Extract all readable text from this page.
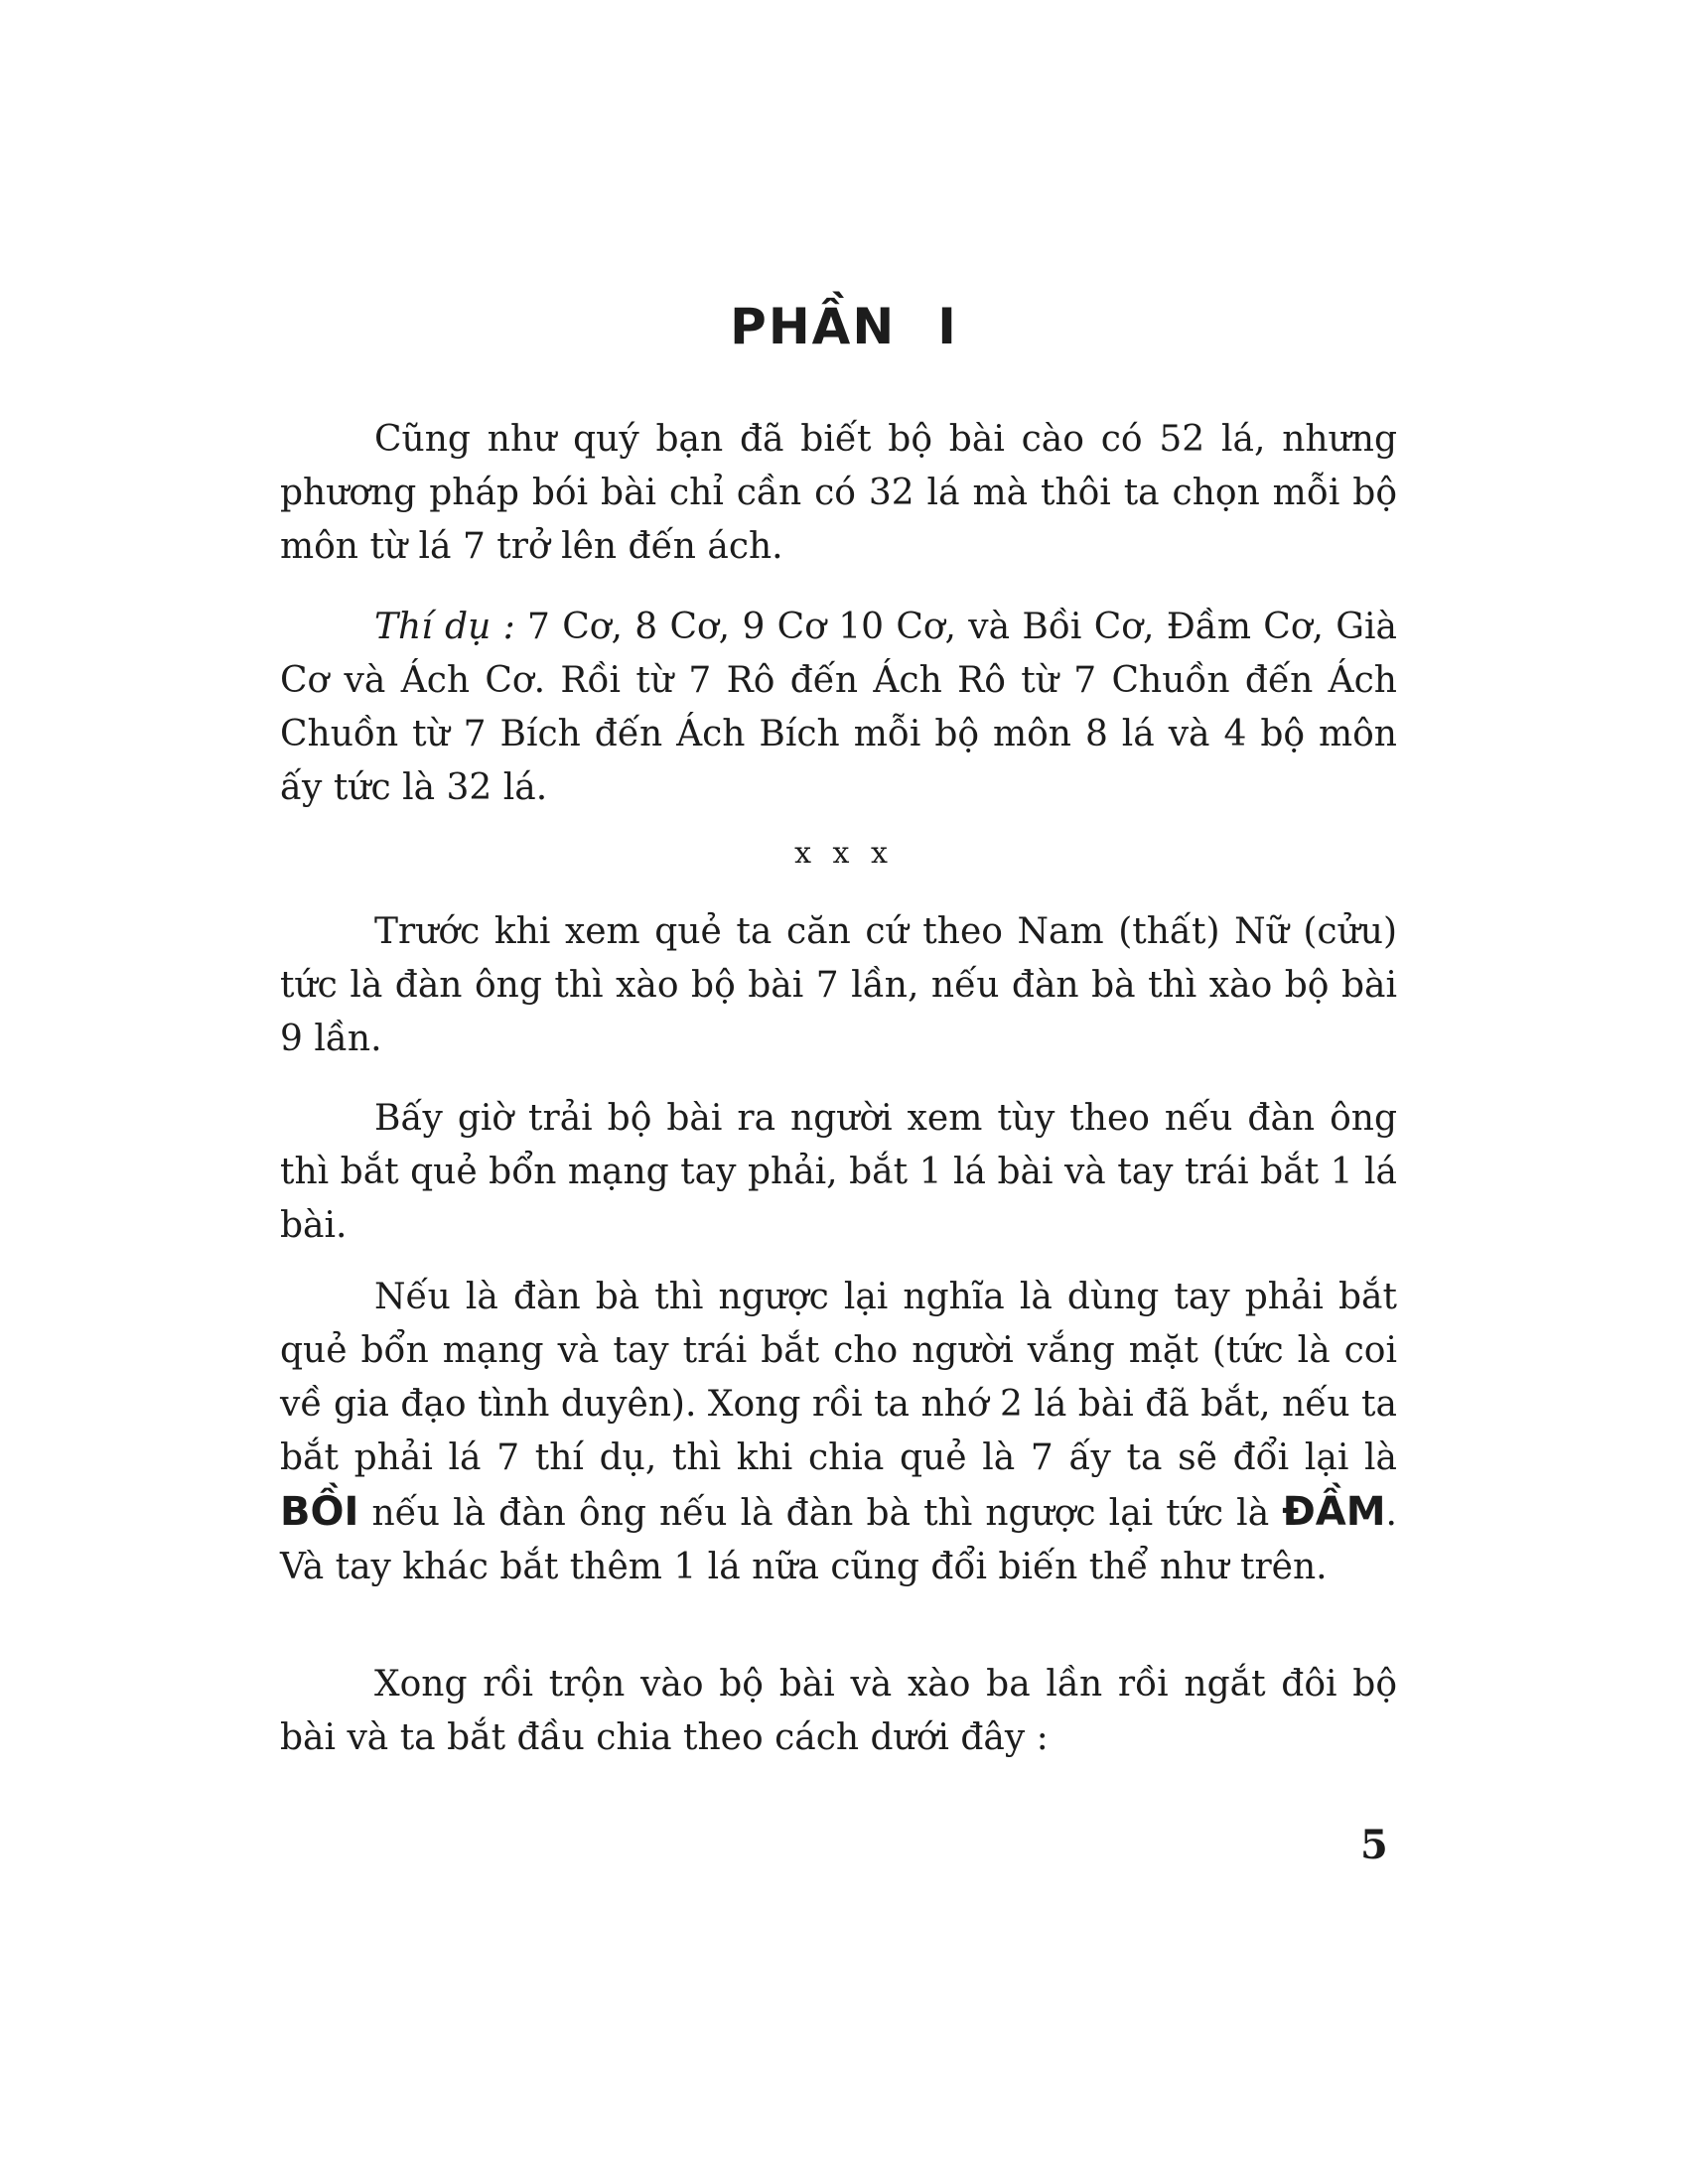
PHẦN I

Cũng như quý bạn đã biết bộ bài cào có 52 lá, nhưng phương pháp bói bài chỉ cần có 32 lá mà thôi ta chọn mỗi bộ môn từ lá 7 trở lên đến ách.

Thí dụ : 7 Cơ, 8 Cơ, 9 Cơ 10 Cơ, và Bồi Cơ, Đầm Cơ, Già Cơ và Ách Cơ. Rồi từ 7 Rô đến Ách Rô từ 7 Chuồn đến Ách Chuồn từ 7 Bích đến Ách Bích mỗi bộ môn 8 lá và 4 bộ môn ấy tức là 32 lá.

x x x

Trước khi xem quẻ ta căn cứ theo Nam (thất) Nữ (cửu) tức là đàn ông thì xào bộ bài 7 lần, nếu đàn bà thì xào bộ bài 9 lần.

Bấy giờ trải bộ bài ra người xem tùy theo nếu đàn ông thì bắt quẻ bổn mạng tay phải, bắt 1 lá bài và tay trái bắt 1 lá bài.

Nếu là đàn bà thì ngược lại nghĩa là dùng tay phải bắt quẻ bổn mạng và tay trái bắt cho người vắng mặt (tức là coi về gia đạo tình duyên). Xong rồi ta nhớ 2 lá bài đã bắt, nếu ta bắt phải lá 7 thí dụ, thì khi chia quẻ là 7 ấy ta sẽ đổi lại là BỒI nếu là đàn ông nếu là đàn bà thì ngược lại tức là ĐẦM. Và tay khác bắt thêm 1 lá nữa cũng đổi biến thể như trên.

Xong rồi trộn vào bộ bài và xào ba lần rồi ngắt đôi bộ bài và ta bắt đầu chia theo cách dưới đây :

5
